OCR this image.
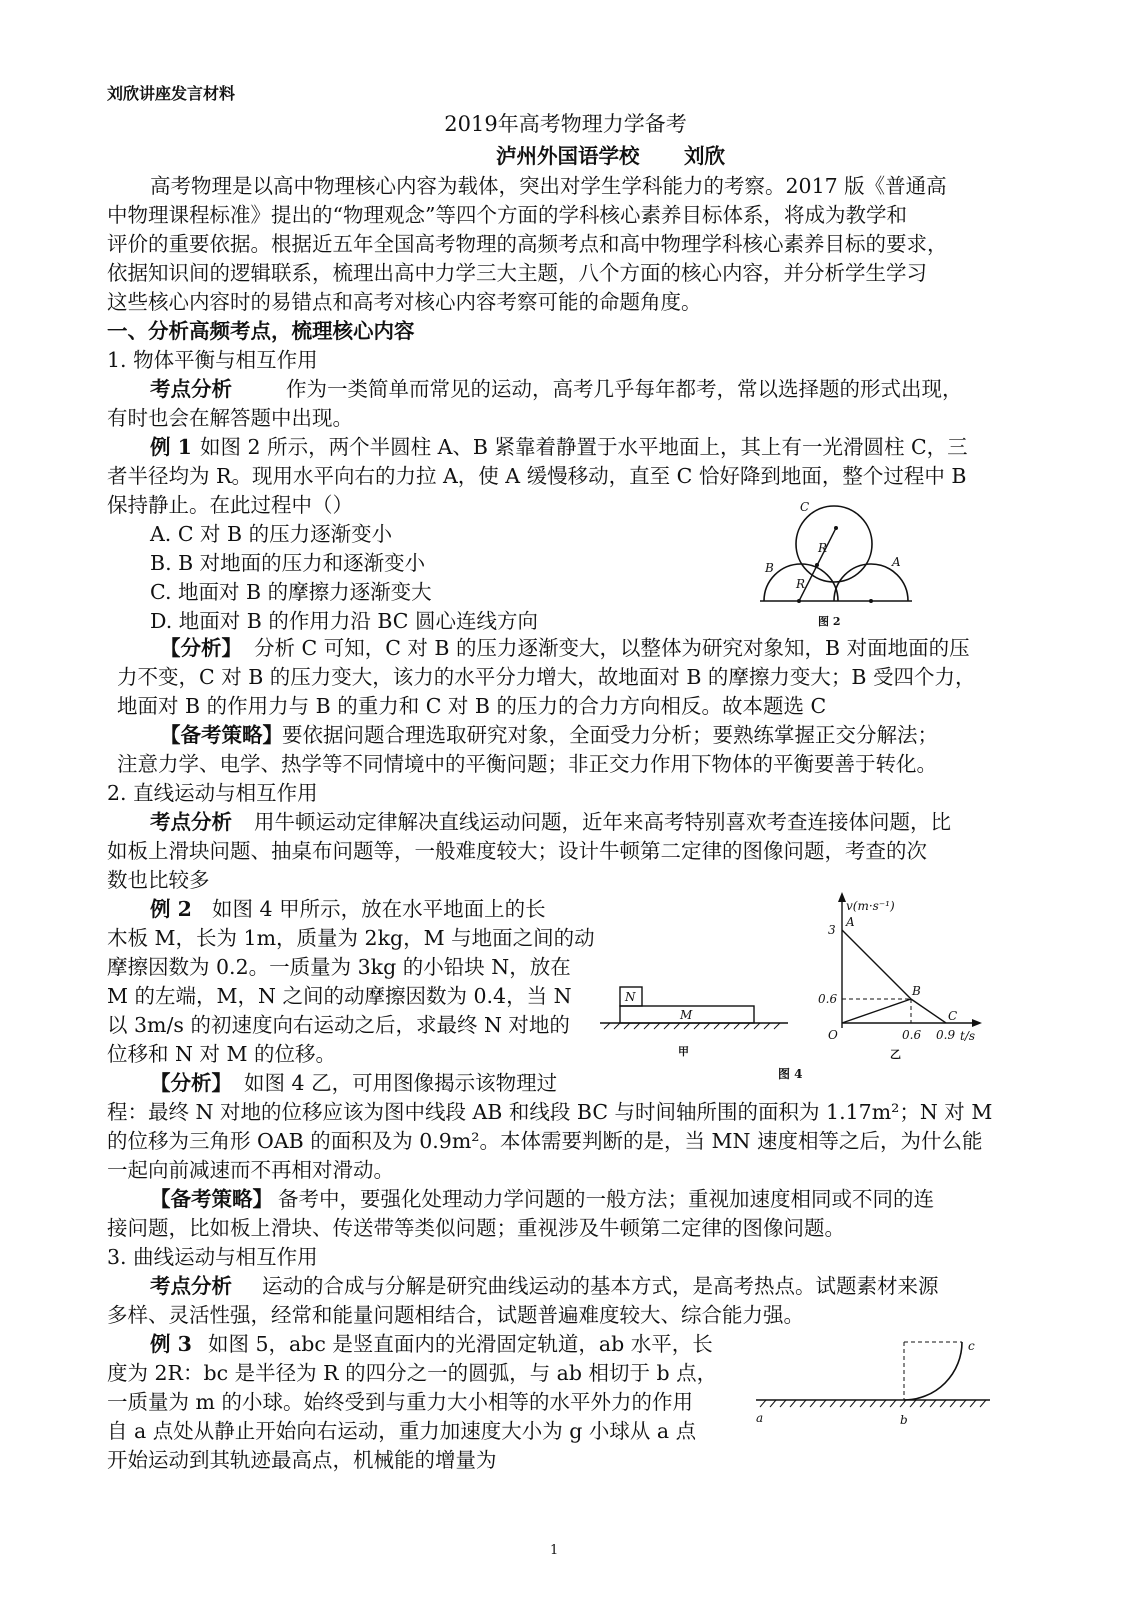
刘欣讲座发言材料
2019年高考物理力学备考
泸州外国语学校 刘欣
高考物理是以高中物理核心内容为载体，突出对学生学科能力的考察。2017 版《普通高
中物理课程标准》提出的“物理观念”等四个方面的学科核心素养目标体系，将成为教学和
评价的重要依据。根据近五年全国高考物理的高频考点和高中物理学科核心素养目标的要求，
依据知识间的逻辑联系，梳理出高中力学三大主题，八个方面的核心内容，并分析学生学习
这些核心内容时的易错点和高考对核心内容考察可能的命题角度。
一、分析高频考点，梳理核心内容
1. 物体平衡与相互作用
考点分析	作为一类简单而常见的运动，高考几乎每年都考，常以选择题的形式出现，
有时也会在解答题中出现。
例 1 如图 2 所示，两个半圆柱 A、B 紧靠着静置于水平地面上，其上有一光滑圆柱 C，三
者半径均为 R。现用水平向右的力拉 A，使 A 缓慢移动，直至 C 恰好降到地面，整个过程中 B
保持静止。在此过程中（）
A. C 对 B 的压力逐渐变小
B. B 对地面的压力和逐渐变小
C. 地面对 B 的摩擦力逐渐变大
D. 地面对 B 的作用力沿 BC 圆心连线方向
C
R
R
B	A
图 2
【分析】 分析 C 可知，C 对 B 的压力逐渐变大，以整体为研究对象知，B 对面地面的压
力不变，C 对 B 的压力变大，该力的水平分力增大，故地面对 B 的摩擦力变大；B 受四个力，
地面对 B 的作用力与 B 的重力和 C 对 B 的压力的合力方向相反。故本题选 C
【备考策略】 要依据问题合理选取研究对象，全面受力分析；要熟练掌握正交分解法；
注意力学、电学、热学等不同情境中的平衡问题；非正交力作用下物体的平衡要善于转化。
2. 直线运动与相互作用
考点分析 用牛顿运动定律解决直线运动问题，近年来高考特别喜欢考查连接体问题，比
如板上滑块问题、抽桌布问题等，一般难度较大；设计牛顿第二定律的图像问题，考查的次
数也比较多
例 2 如图 4 甲所示，放在水平地面上的长
木板 M，长为 1m，质量为 2kg，M 与地面之间的动
摩擦因数为 0.2。一质量为 3kg 的小铅块 N，放在
M 的左端，M，N 之间的动摩擦因数为 0.4，当 N
以 3m/s 的初速度向右运动之后，求最终 N 对地的
位移和 N 对 M 的位移。
N
M
甲
v(m·s⁻¹)
t/s
3
0.6
O	0.6 0.9
A
B
C
乙
图 4
【分析】 如图 4 乙，可用图像揭示该物理过
程：最终 N 对地的位移应该为图中线段 AB 和线段 BC 与时间轴所围的面积为 1.17m²；N 对 M
的位移为三角形 OAB 的面积及为 0.9m²。本体需要判断的是，当 MN 速度相等之后，为什么能
一起向前减速而不再相对滑动。
【备考策略】 备考中，要强化处理动力学问题的一般方法；重视加速度相同或不同的连
接问题，比如板上滑块、传送带等类似问题；重视涉及牛顿第二定律的图像问题。
3. 曲线运动与相互作用
考点分析 运动的合成与分解是研究曲线运动的基本方式，是高考热点。试题素材来源
多样、灵活性强，经常和能量问题相结合，试题普遍难度较大、综合能力强。
例 3 如图 5，abc 是竖直面内的光滑固定轨道，ab 水平，长
度为 2R：bc 是半径为 R 的四分之一的圆弧，与 ab 相切于 b 点，
一质量为 m 的小球。始终受到与重力大小相等的水平外力的作用
自 a 点处从静止开始向右运动，重力加速度大小为 g 小球从 a 点
开始运动到其轨迹最高点，机械能的增量为
a	b
c
1
